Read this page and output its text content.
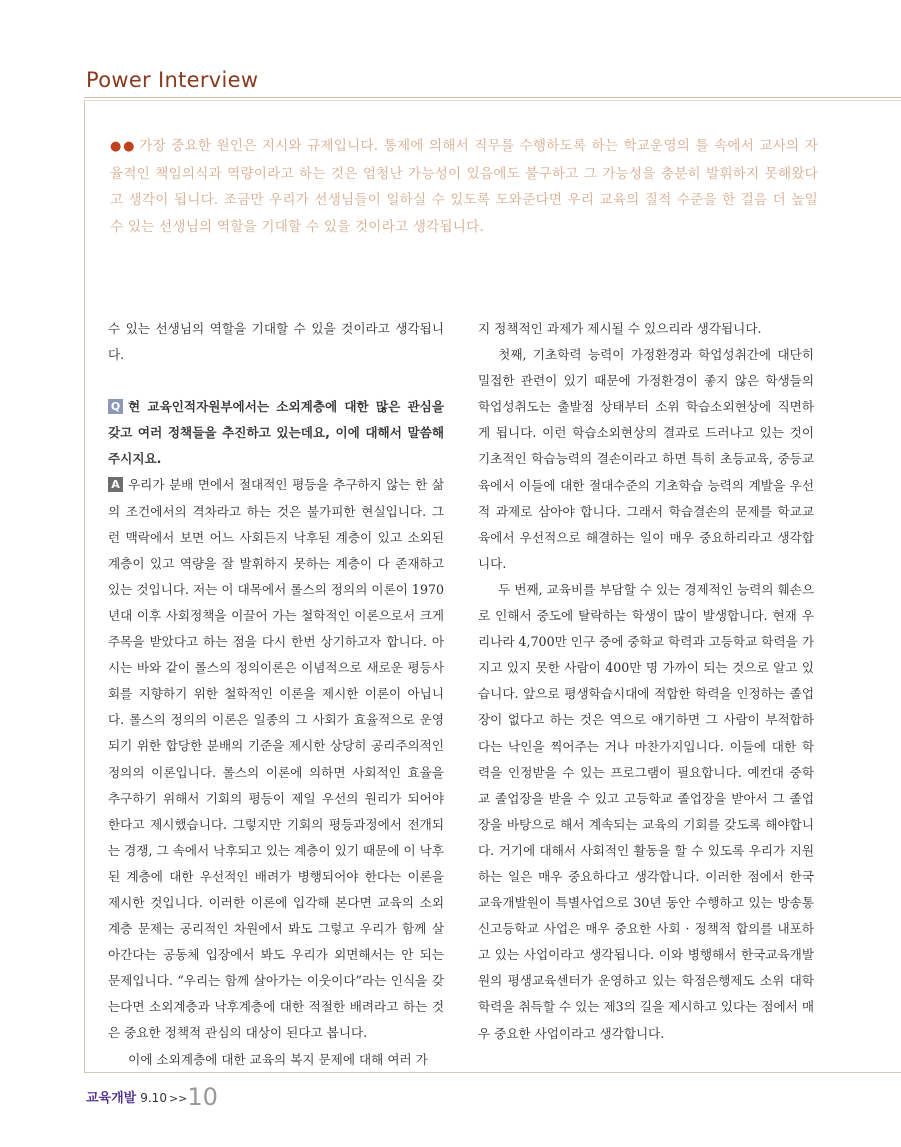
Power Interview
●● 가장 중요한 원인은 지시와 규제입니다. 통제에 의해서 직무를 수행하도록 하는 학교운영의 틀 속에서 교사의 자율적인 책임의식과 역량이라고 하는 것은 엄청난 가능성이 있음에도 불구하고 그 가능성을 충분히 발휘하지 못해왔다고 생각이 됩니다. 조금만 우리가 선생님들이 일하실 수 있도록 도와준다면 우리 교육의 질적 수준을 한 걸음 더 높일 수 있는 선생님의 역할을 기대할 수 있을 것이라고 생각됩니다.

수 있는 선생님의 역할을 기대할 수 있을 것이라고 생각됩니다.

Q 현 교육인적자원부에서는 소외계층에 대한 많은 관심을 갖고 여러 정책들을 추진하고 있는데요, 이에 대해서 말씀해 주시지요.

A 우리가 분배 면에서 절대적인 평등을 추구하지 않는 한 삶의 조건에서의 격차라고 하는 것은 불가피한 현실입니다. 그런 맥락에서 보면 어느 사회든지 낙후된 계층이 있고 소외된 계층이 있고 역량을 잘 발휘하지 못하는 계층이 다 존재하고 있는 것입니다. 저는 이 대목에서 롤스의 정의의 이론이 1970년대 이후 사회정책을 이끌어 가는 철학적인 이론으로서 크게 주목을 받았다고 하는 점을 다시 한번 상기하고자 합니다. 아시는 바와 같이 롤스의 정의이론은 이념적으로 새로운 평등사회를 지향하기 위한 철학적인 이론을 제시한 이론이 아닙니다. 롤스의 정의의 이론은 일종의 그 사회가 효율적으로 운영되기 위한 합당한 분배의 기준을 제시한 상당히 공리주의적인 정의의 이론입니다. 롤스의 이론에 의하면 사회적인 효율을 추구하기 위해서 기회의 평등이 제일 우선의 원리가 되어야 한다고 제시했습니다. 그렇지만 기회의 평등과정에서 전개되는 경쟁, 그 속에서 낙후되고 있는 계층이 있기 때문에 이 낙후된 계층에 대한 우선적인 배려가 병행되어야 한다는 이론을 제시한 것입니다. 이러한 이론에 입각해 본다면 교육의 소외계층 문제는 공리적인 차원에서 봐도 그렇고 우리가 함께 살아간다는 공동체 입장에서 봐도 우리가 외면해서는 안 되는 문제입니다. “우리는 함께 살아가는 이웃이다”라는 인식을 갖는다면 소외계층과 낙후계층에 대한 적절한 배려라고 하는 것은 중요한 정책적 관심의 대상이 된다고 봅니다.

이에 소외계층에 대한 교육의 복지 문제에 대해 여러 가

지 정책적인 과제가 제시될 수 있으리라 생각됩니다.

첫째, 기초학력 능력이 가정환경과 학업성취간에 대단히 밀접한 관련이 있기 때문에 가정환경이 좋지 않은 학생들의 학업성취도는 출발점 상태부터 소위 학습소외현상에 직면하게 됩니다. 이런 학습소외현상의 결과로 드러나고 있는 것이 기초적인 학습능력의 결손이라고 하면 특히 초등교육, 중등교육에서 이들에 대한 절대수준의 기초학습 능력의 계발을 우선적 과제로 삼아야 합니다. 그래서 학습결손의 문제를 학교교육에서 우선적으로 해결하는 일이 매우 중요하리라고 생각합니다.

두 번째, 교육비를 부담할 수 있는 경제적인 능력의 훼손으로 인해서 중도에 탈락하는 학생이 많이 발생합니다. 현재 우리나라 4,700만 인구 중에 중학교 학력과 고등학교 학력을 가지고 있지 못한 사람이 400만 명 가까이 되는 것으로 알고 있습니다. 앞으로 평생학습시대에 적합한 학력을 인정하는 졸업장이 없다고 하는 것은 역으로 얘기하면 그 사람이 부적합하다는 낙인을 찍어주는 거나 마찬가지입니다. 이들에 대한 학력을 인정받을 수 있는 프로그램이 필요합니다. 예컨대 중학교 졸업장을 받을 수 있고 고등학교 졸업장을 받아서 그 졸업장을 바탕으로 해서 계속되는 교육의 기회를 갖도록 해야합니다. 거기에 대해서 사회적인 활동을 할 수 있도록 우리가 지원하는 일은 매우 중요하다고 생각합니다. 이러한 점에서 한국교육개발원이 특별사업으로 30년 동안 수행하고 있는 방송통신고등학교 사업은 매우 중요한 사회 · 정책적 합의를 내포하고 있는 사업이라고 생각됩니다. 이와 병행해서 한국교육개발원의 평생교육센터가 운영하고 있는 학점은행제도 소위 대학학력을 취득할 수 있는 제3의 길을 제시하고 있다는 점에서 매우 중요한 사업이라고 생각합니다.

교육개발 9.10 >>10
